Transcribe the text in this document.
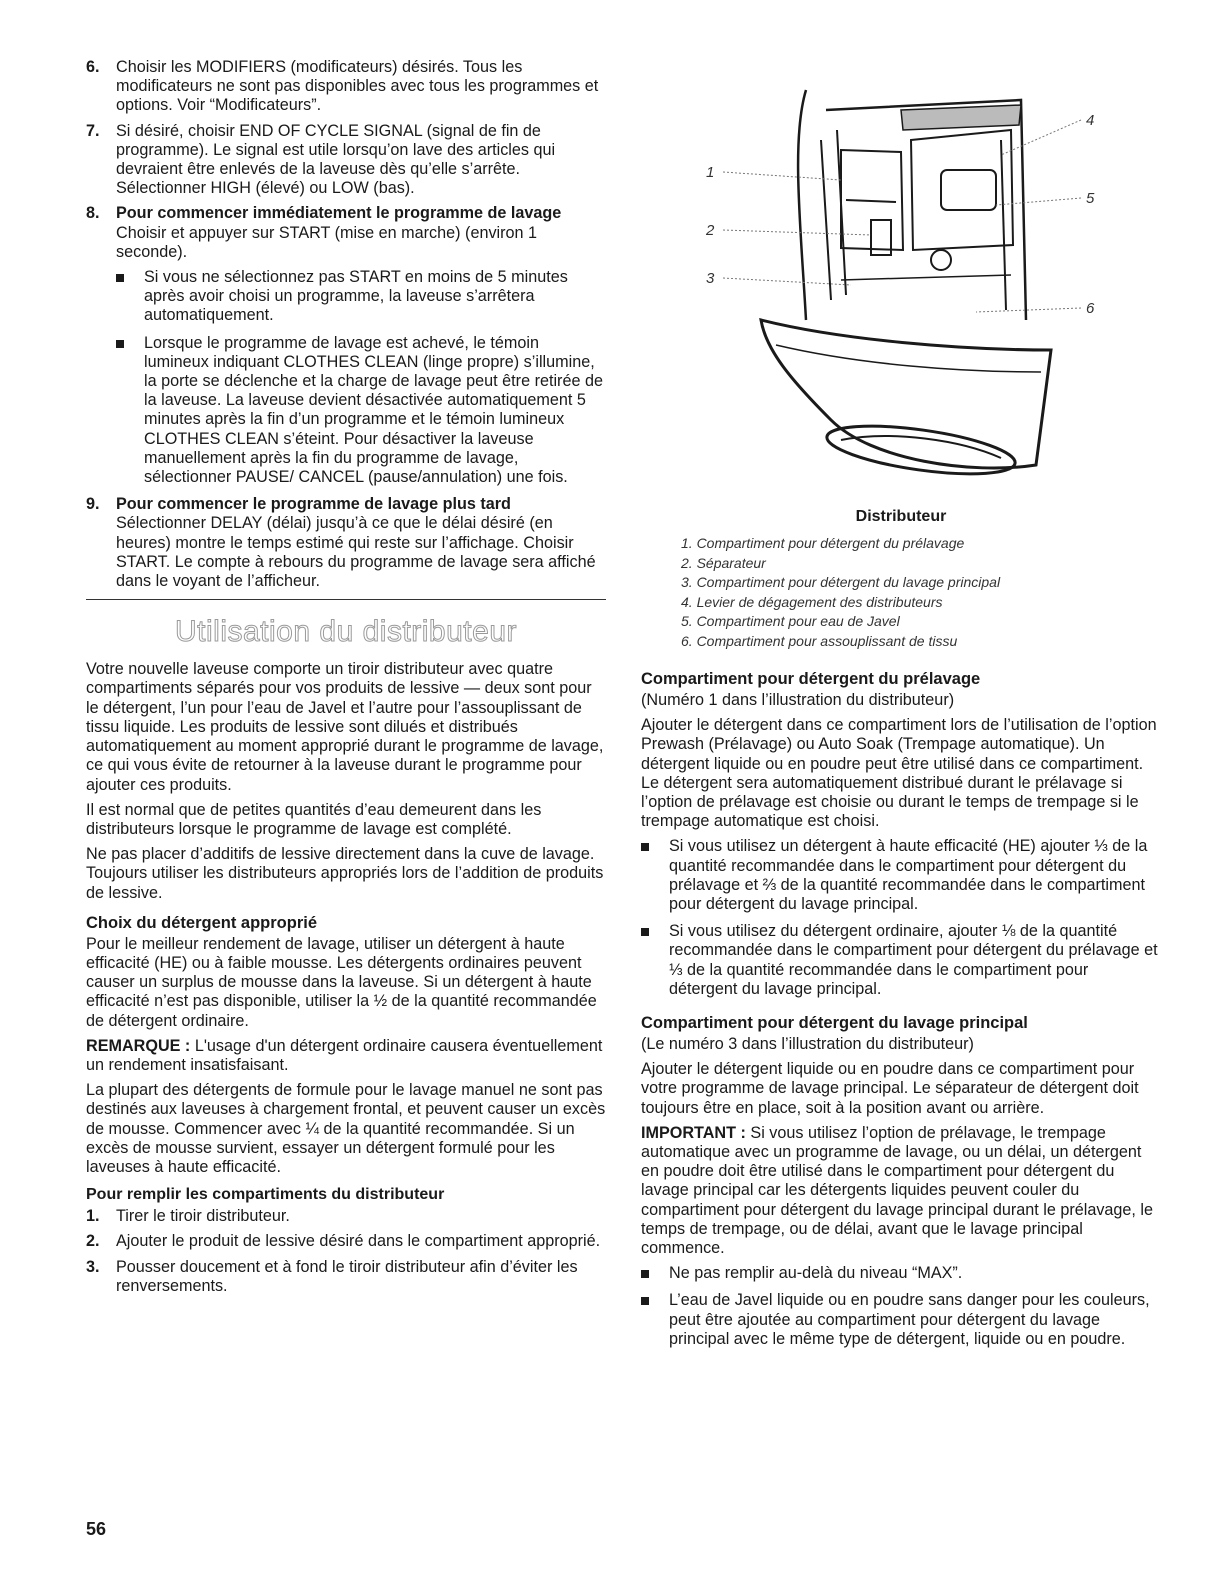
6.	Choisir les MODIFIERS (modificateurs) désirés. Tous les modificateurs ne sont pas disponibles avec tous les programmes et options. Voir “Modificateurs”.

7.	Si désiré, choisir END OF CYCLE SIGNAL (signal de fin de programme). Le signal est utile lorsqu’on lave des articles qui devraient être enlevés de la laveuse dès qu’elle s’arrête. Sélectionner HIGH (élevé) ou LOW (bas).

8.	Pour commencer immédiatement le programme de lavage

Choisir et appuyer sur START (mise en marche) (environ 1 seconde).

Si vous ne sélectionnez pas START en moins de 5 minutes après avoir choisi un programme, la laveuse s’arrêtera automatiquement.

Lorsque le programme de lavage est achevé, le témoin lumineux indiquant CLOTHES CLEAN (linge propre) s’illumine, la porte se déclenche et la charge de lavage peut être retirée de la laveuse. La laveuse devient désactivée automatiquement 5 minutes après la fin d’un programme et le témoin lumineux CLOTHES CLEAN s’éteint. Pour désactiver la laveuse manuellement après la fin du programme de lavage, sélectionner PAUSE/ CANCEL (pause/annulation) une fois.

9.	Pour commencer le programme de lavage plus tard

Sélectionner DELAY (délai) jusqu’à ce que le délai désiré (en heures) montre le temps estimé qui reste sur l’affichage. Choisir START. Le compte à rebours du programme de lavage sera affiché dans le voyant de l’afficheur.

Utilisation du distributeur

Votre nouvelle laveuse comporte un tiroir distributeur avec quatre compartiments séparés pour vos produits de lessive — deux sont pour le détergent, l’un pour l’eau de Javel et l’autre pour l’assouplissant de tissu liquide. Les produits de lessive sont dilués et distribués automatiquement au moment approprié durant le programme de lavage, ce qui vous évite de retourner à la laveuse durant le programme pour ajouter ces produits.

Il est normal que de petites quantités d’eau demeurent dans les distributeurs lorsque le programme de lavage est complété.

Ne pas placer d’additifs de lessive directement dans la cuve de lavage. Toujours utiliser les distributeurs appropriés lors de l’addition de produits de lessive.

Choix du détergent approprié

Pour le meilleur rendement de lavage, utiliser un détergent à haute efficacité (HE) ou à faible mousse. Les détergents ordinaires peuvent causer un surplus de mousse dans la laveuse. Si un détergent à haute efficacité n’est pas disponible, utiliser la ½ de la quantité recommandée de détergent ordinaire.

REMARQUE : L'usage d'un détergent ordinaire causera éventuellement un rendement insatisfaisant.

La plupart des détergents de formule pour le lavage manuel ne sont pas destinés aux laveuses à chargement frontal, et peuvent causer un excès de mousse. Commencer avec ¼ de la quantité recommandée. Si un excès de mousse survient, essayer un détergent formulé pour les laveuses à haute efficacité.

Pour remplir les compartiments du distributeur
1.	Tirer le tiroir distributeur.

2.	Ajouter le produit de lessive désiré dans le compartiment approprié.

3.	Pousser doucement et à fond le tiroir distributeur afin d’éviter les renversements.

1
2
3
4
5
6
Distributeur

1. Compartiment pour détergent du prélavage

2. Séparateur

3. Compartiment pour détergent du lavage principal

4. Levier de dégagement des distributeurs

5. Compartiment pour eau de Javel

6. Compartiment pour assouplissant de tissu

Compartiment pour détergent du prélavage

(Numéro 1 dans l’illustration du distributeur)

Ajouter le détergent dans ce compartiment lors de l’utilisation de l’option Prewash (Prélavage) ou Auto Soak (Trempage automatique). Un détergent liquide ou en poudre peut être utilisé dans ce compartiment. Le détergent sera automatiquement distribué durant le prélavage si l’option de prélavage est choisie ou durant le temps de trempage si le trempage automatique est choisi.

Si vous utilisez un détergent à haute efficacité (HE) ajouter ⅓ de la quantité recommandée dans le compartiment pour détergent du prélavage et ⅔ de la quantité recommandée dans le compartiment pour détergent du lavage principal.

Si vous utilisez du détergent ordinaire, ajouter ⅛ de la quantité recommandée dans le compartiment pour détergent du prélavage et ⅓ de la quantité recommandée dans le compartiment pour détergent du lavage principal.

Compartiment pour détergent du lavage principal

(Le numéro 3 dans l’illustration du distributeur)

Ajouter le détergent liquide ou en poudre dans ce compartiment pour votre programme de lavage principal. Le séparateur de détergent doit toujours être en place, soit à la position avant ou arrière.

IMPORTANT : Si vous utilisez l’option de prélavage, le trempage automatique avec un programme de lavage, ou un délai, un détergent en poudre doit être utilisé dans le compartiment pour détergent du lavage principal car les détergents liquides peuvent couler du compartiment pour détergent du lavage principal durant le prélavage, le temps de trempage, ou de délai, avant que le lavage principal commence.

Ne pas remplir au-delà du niveau “MAX”.

L’eau de Javel liquide ou en poudre sans danger pour les couleurs, peut être ajoutée au compartiment pour détergent du lavage principal avec le même type de détergent, liquide ou en poudre.

56
